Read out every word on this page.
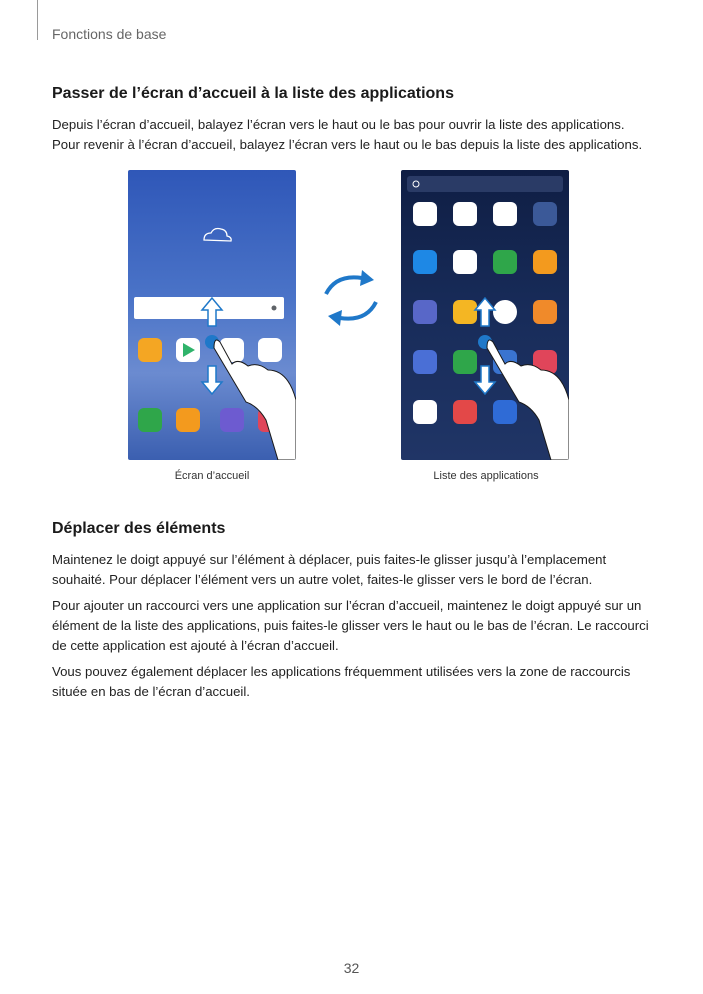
Fonctions de base
Passer de l’écran d’accueil à la liste des applications
Depuis l’écran d’accueil, balayez l’écran vers le haut ou le bas pour ouvrir la liste des applications.
Pour revenir à l’écran d’accueil, balayez l’écran vers le haut ou le bas depuis la liste des applications.
Écran d’accueil	Liste des applications
Déplacer des éléments
Maintenez le doigt appuyé sur l’élément à déplacer, puis faites-le glisser jusqu’à l’emplacement
souhaité. Pour déplacer l’élément vers un autre volet, faites-le glisser vers le bord de l’écran.
Pour ajouter un raccourci vers une application sur l’écran d’accueil, maintenez le doigt appuyé sur un
élément de la liste des applications, puis faites-le glisser vers le haut ou le bas de l’écran. Le raccourci
de cette application est ajouté à l’écran d’accueil.
Vous pouvez également déplacer les applications fréquemment utilisées vers la zone de raccourcis
située en bas de l’écran d’accueil.
32
